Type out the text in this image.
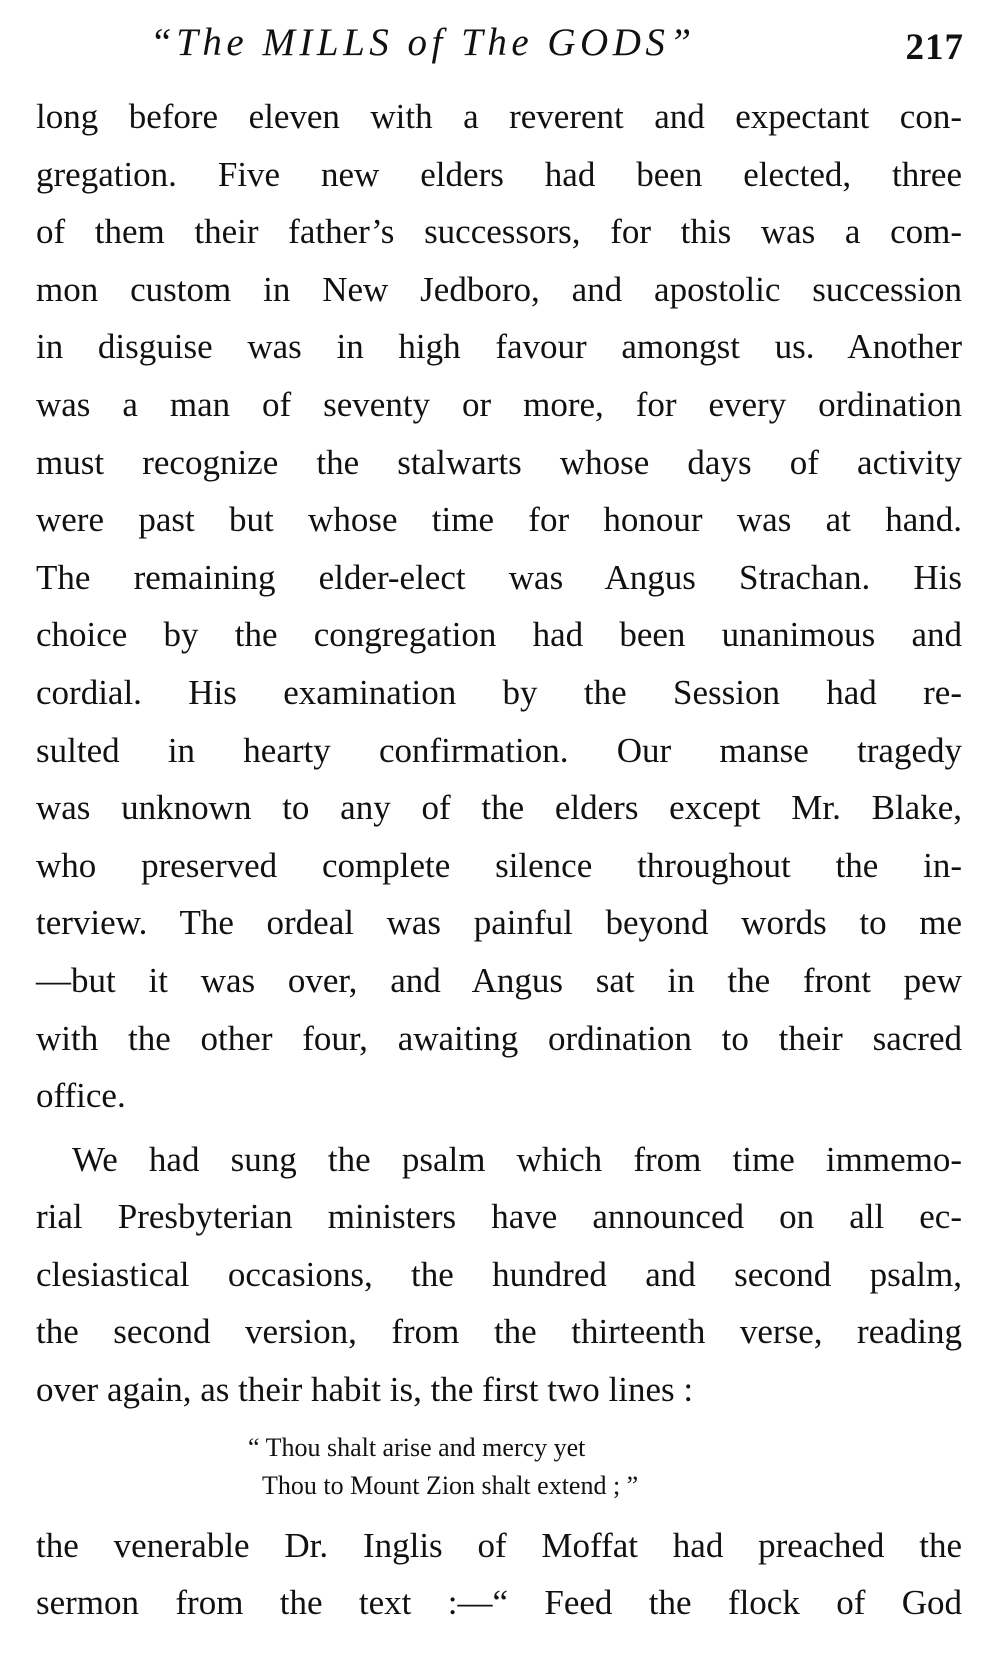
“The MILLS of The GODS”	217
long before eleven with a reverent and expectant con-
gregation. Five new elders had been elected, three
of them their father’s successors, for this was a com-
mon custom in New Jedboro, and apostolic succession
in disguise was in high favour amongst us. Another
was a man of seventy or more, for every ordination
must recognize the stalwarts whose days of activity
were past but whose time for honour was at hand.
The remaining elder-elect was Angus Strachan. His
choice by the congregation had been unanimous and
cordial. His examination by the Session had re-
sulted in hearty confirmation. Our manse tragedy
was unknown to any of the elders except Mr. Blake,
who preserved complete silence throughout the in-
terview. The ordeal was painful beyond words to me
—but it was over, and Angus sat in the front pew
with the other four, awaiting ordination to their sacred
office.
We had sung the psalm which from time immemo-
rial Presbyterian ministers have announced on all ec-
clesiastical occasions, the hundred and second psalm,
the second version, from the thirteenth verse, reading
over again, as their habit is, the first two lines :
“ Thou shalt arise and mercy yet
Thou to Mount Zion shalt extend ; ”
the venerable Dr. Inglis of Moffat had preached the
sermon from the text :—“ Feed the flock of God
